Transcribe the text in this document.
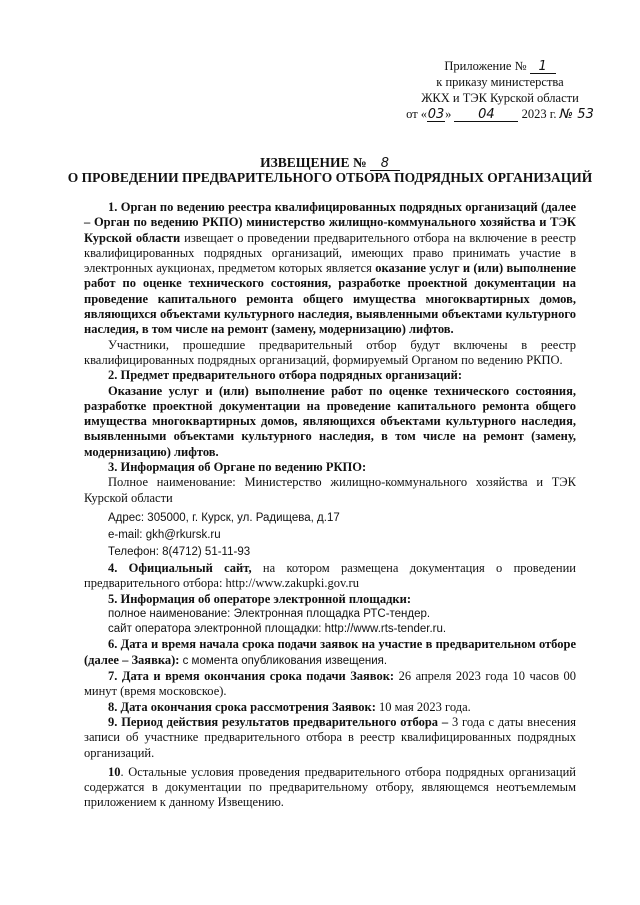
Приложение № 1
к приказу министерства
ЖКХ и ТЭК Курской области
от «03» 04 2023 г. № 53
ИЗВЕЩЕНИЕ № 8
О ПРОВЕДЕНИИ ПРЕДВАРИТЕЛЬНОГО ОТБОРА ПОДРЯДНЫХ ОРГАНИЗАЦИЙ

1. Орган по ведению реестра квалифицированных подрядных организаций (далее – Орган по ведению РКПО) министерство жилищно-коммунального хозяйства и ТЭК Курской области извещает о проведении предварительного отбора на включение в реестр квалифицированных подрядных организаций, имеющих право принимать участие в электронных аукционах, предметом которых является оказание услуг и (или) выполнение работ по оценке технического состояния, разработке проектной документации на проведение капитального ремонта общего имущества многоквартирных домов, являющихся объектами культурного наследия, выявленными объектами культурного наследия, в том числе на ремонт (замену, модернизацию) лифтов.

Участники, прошедшие предварительный отбор будут включены в реестр квалифицированных подрядных организаций, формируемый Органом по ведению РКПО.

2. Предмет предварительного отбора подрядных организаций:

Оказание услуг и (или) выполнение работ по оценке технического состояния, разработке проектной документации на проведение капитального ремонта общего имущества многоквартирных домов, являющихся объектами культурного наследия, выявленными объектами культурного наследия, в том числе на ремонт (замену, модернизацию) лифтов.

3. Информация об Органе по ведению РКПО:

Полное наименование: Министерство жилищно-коммунального хозяйства и ТЭК Курской области

Адрес: 305000, г. Курск, ул. Радищева, д.17

e-mail: gkh@rkursk.ru

Телефон: 8(4712) 51-11-93

4. Официальный сайт, на котором размещена документация о проведении предварительного отбора: http://www.zakupki.gov.ru

5. Информация об операторе электронной площадки:

полное наименование: Электронная площадка РТС-тендер.

сайт оператора электронной площадки: http://www.rts-tender.ru.

6. Дата и время начала срока подачи заявок на участие в предварительном отборе (далее – Заявка): с момента опубликования извещения.

7. Дата и время окончания срока подачи Заявок: 26 апреля 2023 года 10 часов 00 минут (время московское).

8. Дата окончания срока рассмотрения Заявок: 10 мая 2023 года.

9. Период действия результатов предварительного отбора – 3 года с даты внесения записи об участнике предварительного отбора в реестр квалифицированных подрядных организаций.

10. Остальные условия проведения предварительного отбора подрядных организаций содержатся в документации по предварительному отбору, являющемся неотъемлемым приложением к данному Извещению.
